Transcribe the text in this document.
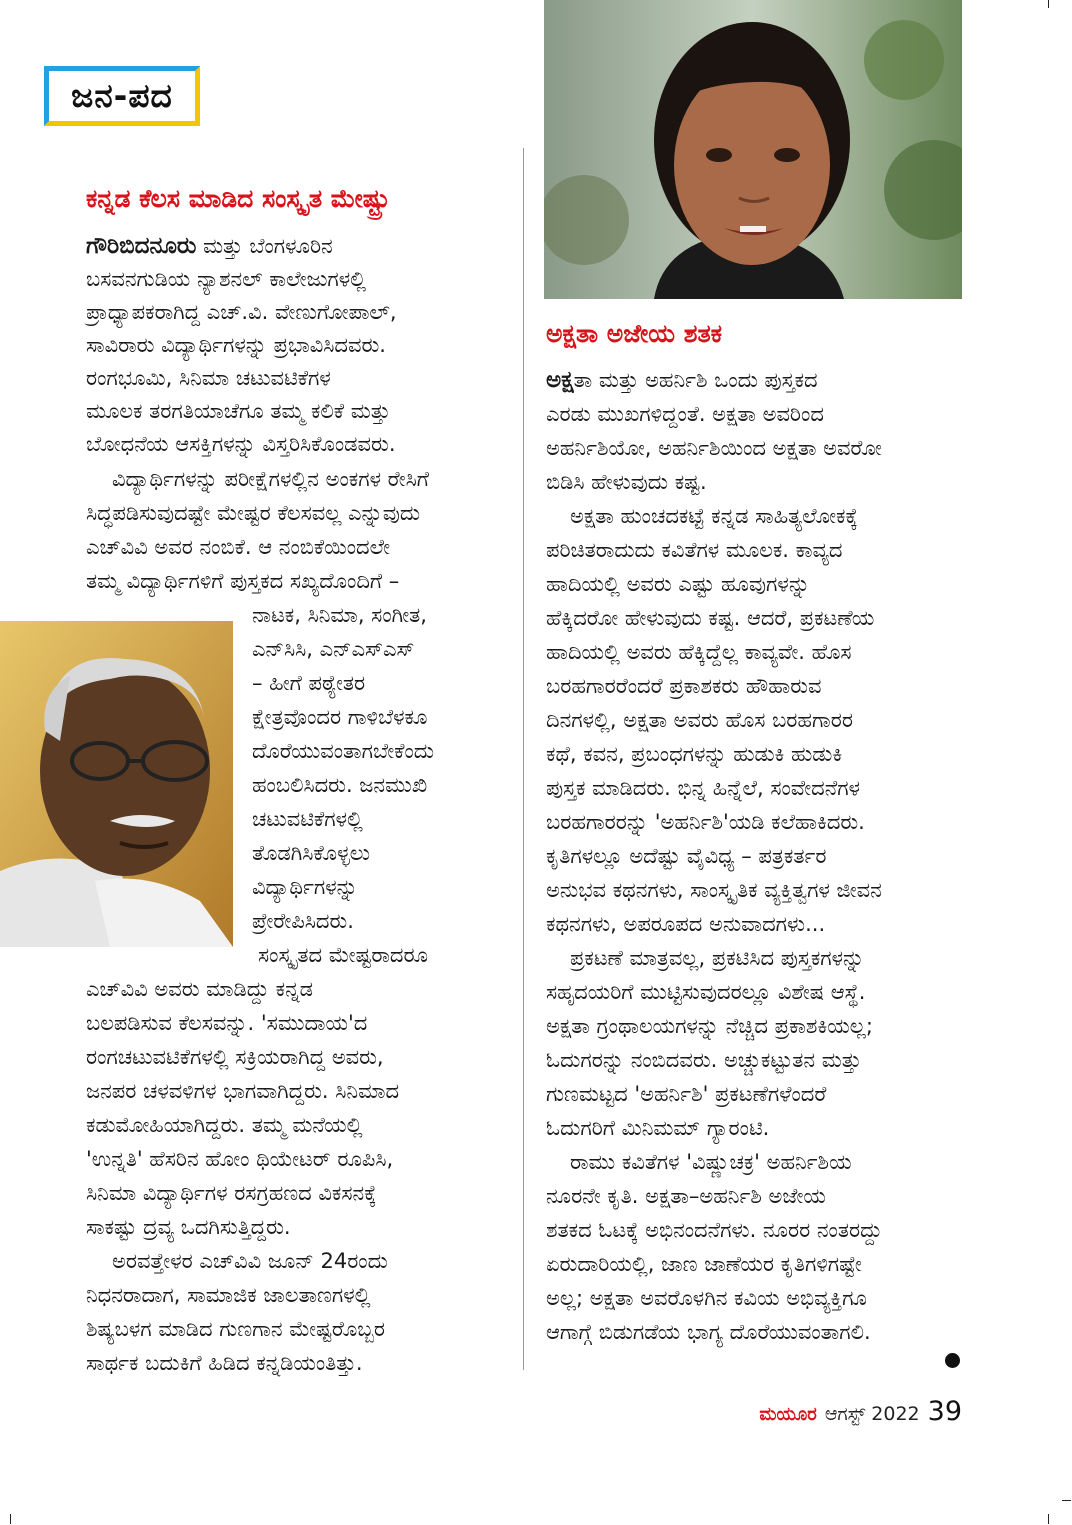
ಜನ-ಪದ
ಕನ್ನಡ ಕೆಲಸ ಮಾಡಿದ ಸಂಸ್ಕೃತ ಮೇಷ್ಟ್ರು

ಗೌರಿಬಿದನೂರು ಮತ್ತು ಬೆಂಗಳೂರಿನ

ಬಸವನಗುಡಿಯ ನ್ಯಾಶನಲ್ ಕಾಲೇಜುಗಳಲ್ಲಿ

ಪ್ರಾಧ್ಯಾಪಕರಾಗಿದ್ದ ಎಚ್.ವಿ. ವೇಣುಗೋಪಾಲ್,

ಸಾವಿರಾರು ವಿದ್ಯಾರ್ಥಿಗಳನ್ನು ಪ್ರಭಾವಿಸಿದವರು.

ರಂಗಭೂಮಿ, ಸಿನಿಮಾ ಚಟುವಟಿಕೆಗಳ

ಮೂಲಕ ತರಗತಿಯಾಚೆಗೂ ತಮ್ಮ ಕಲಿಕೆ ಮತ್ತು

ಬೋಧನೆಯ ಆಸಕ್ತಿಗಳನ್ನು ವಿಸ್ತರಿಸಿಕೊಂಡವರು.

ವಿದ್ಯಾರ್ಥಿಗಳನ್ನು ಪರೀಕ್ಷೆಗಳಲ್ಲಿನ ಅಂಕಗಳ ರೇಸಿಗೆ

ಸಿದ್ಧಪಡಿಸುವುದಷ್ಟೇ ಮೇಷ್ಟರ ಕೆಲಸವಲ್ಲ ಎನ್ನುವುದು

ಎಚ್‌ವಿವಿ ಅವರ ನಂಬಿಕೆ. ಆ ನಂಬಿಕೆಯಿಂದಲೇ

ತಮ್ಮ ವಿದ್ಯಾರ್ಥಿಗಳಿಗೆ ಪುಸ್ತಕದ ಸಖ್ಯದೊಂದಿಗೆ –

ನಾಟಕ, ಸಿನಿಮಾ, ಸಂಗೀತ,

ಎನ್‌ಸಿಸಿ, ಎನ್‌ಎಸ್‌ಎಸ್

– ಹೀಗೆ ಪಠ್ಯೇತರ

ಕ್ಷೇತ್ರವೊಂದರ ಗಾಳಿಬೆಳಕೂ

ದೊರೆಯುವಂತಾಗಬೇಕೆಂದು

ಹಂಬಲಿಸಿದರು. ಜನಮುಖಿ

ಚಟುವಟಿಕೆಗಳಲ್ಲಿ

ತೊಡಗಿಸಿಕೊಳ್ಳಲು

ವಿದ್ಯಾರ್ಥಿಗಳನ್ನು

ಪ್ರೇರೇಪಿಸಿದರು.

ಸಂಸ್ಕೃತದ ಮೇಷ್ಟರಾದರೂ

ಎಚ್‌ವಿವಿ ಅವರು ಮಾಡಿದ್ದು ಕನ್ನಡ

ಬಲಪಡಿಸುವ ಕೆಲಸವನ್ನು. 'ಸಮುದಾಯ'ದ

ರಂಗಚಟುವಟಿಕೆಗಳಲ್ಲಿ ಸಕ್ರಿಯರಾಗಿದ್ದ ಅವರು,

ಜನಪರ ಚಳವಳಿಗಳ ಭಾಗವಾಗಿದ್ದರು. ಸಿನಿಮಾದ

ಕಡುಮೋಹಿಯಾಗಿದ್ದರು. ತಮ್ಮ ಮನೆಯಲ್ಲಿ

'ಉನ್ನತಿ' ಹೆಸರಿನ ಹೋಂ ಥಿಯೇಟರ್ ರೂಪಿಸಿ,

ಸಿನಿಮಾ ವಿದ್ಯಾರ್ಥಿಗಳ ರಸಗ್ರಹಣದ ವಿಕಸನಕ್ಕೆ

ಸಾಕಷ್ಟು ದ್ರವ್ಯ ಒದಗಿಸುತ್ತಿದ್ದರು.

ಅರವತ್ತೇಳರ ಎಚ್‌ವಿವಿ ಜೂನ್ 24ರಂದು

ನಿಧನರಾದಾಗ, ಸಾಮಾಜಿಕ ಜಾಲತಾಣಗಳಲ್ಲಿ

ಶಿಷ್ಯಬಳಗ ಮಾಡಿದ ಗುಣಗಾನ ಮೇಷ್ಟರೊಬ್ಬರ

ಸಾರ್ಥಕ ಬದುಕಿಗೆ ಹಿಡಿದ ಕನ್ನಡಿಯಂತಿತ್ತು.

ಅಕ್ಷತಾ ಅಜೇಯ ಶತಕ

ಅಕ್ಷತಾ ಮತ್ತು ಅಹರ್ನಿಶಿ ಒಂದು ಪುಸ್ತಕದ

ಎರಡು ಮುಖಗಳಿದ್ದಂತೆ. ಅಕ್ಷತಾ ಅವರಿಂದ

ಅಹರ್ನಿಶಿಯೋ, ಅಹರ್ನಿಶಿಯಿಂದ ಅಕ್ಷತಾ ಅವರೋ

ಬಿಡಿಸಿ ಹೇಳುವುದು ಕಷ್ಟ.

ಅಕ್ಷತಾ ಹುಂಚದಕಟ್ಟೆ ಕನ್ನಡ ಸಾಹಿತ್ಯಲೋಕಕ್ಕೆ

ಪರಿಚಿತರಾದುದು ಕವಿತೆಗಳ ಮೂಲಕ. ಕಾವ್ಯದ

ಹಾದಿಯಲ್ಲಿ ಅವರು ಎಷ್ಟು ಹೂವುಗಳನ್ನು

ಹೆಕ್ಕಿದರೋ ಹೇಳುವುದು ಕಷ್ಟ. ಆದರೆ, ಪ್ರಕಟಣೆಯ

ಹಾದಿಯಲ್ಲಿ ಅವರು ಹೆಕ್ಕಿದ್ದೆಲ್ಲ ಕಾವ್ಯವೇ. ಹೊಸ

ಬರಹಗಾರರೆಂದರೆ ಪ್ರಕಾಶಕರು ಹೌಹಾರುವ

ದಿನಗಳಲ್ಲಿ, ಅಕ್ಷತಾ ಅವರು ಹೊಸ ಬರಹಗಾರರ

ಕಥೆ, ಕವನ, ಪ್ರಬಂಧಗಳನ್ನು ಹುಡುಕಿ ಹುಡುಕಿ

ಪುಸ್ತಕ ಮಾಡಿದರು. ಭಿನ್ನ ಹಿನ್ನೆಲೆ, ಸಂವೇದನೆಗಳ

ಬರಹಗಾರರನ್ನು 'ಅಹರ್ನಿಶಿ'ಯಡಿ ಕಲೆಹಾಕಿದರು.

ಕೃತಿಗಳಲ್ಲೂ ಅದೆಷ್ಟು ವೈವಿಧ್ಯ – ಪತ್ರಕರ್ತರ

ಅನುಭವ ಕಥನಗಳು, ಸಾಂಸ್ಕೃತಿಕ ವ್ಯಕ್ತಿತ್ವಗಳ ಜೀವನ

ಕಥನಗಳು, ಅಪರೂಪದ ಅನುವಾದಗಳು...

ಪ್ರಕಟಣೆ ಮಾತ್ರವಲ್ಲ, ಪ್ರಕಟಿಸಿದ ಪುಸ್ತಕಗಳನ್ನು

ಸಹೃದಯರಿಗೆ ಮುಟ್ಟಿಸುವುದರಲ್ಲೂ ವಿಶೇಷ ಆಸ್ಥೆ.

ಅಕ್ಷತಾ ಗ್ರಂಥಾಲಯಗಳನ್ನು ನೆಚ್ಚಿದ ಪ್ರಕಾಶಕಿಯಲ್ಲ;

ಓದುಗರನ್ನು ನಂಬಿದವರು. ಅಚ್ಚುಕಟ್ಟುತನ ಮತ್ತು

ಗುಣಮಟ್ಟದ 'ಅಹರ್ನಿಶಿ' ಪ್ರಕಟಣೆಗಳೆಂದರೆ

ಓದುಗರಿಗೆ ಮಿನಿಮಮ್ ಗ್ಯಾರಂಟಿ.

ರಾಮು ಕವಿತೆಗಳ 'ವಿಷ್ಣುಚಕ್ರ' ಅಹರ್ನಿಶಿಯ

ನೂರನೇ ಕೃತಿ. ಅಕ್ಷತಾ–ಅಹರ್ನಿಶಿ ಅಜೇಯ

ಶತಕದ ಓಟಕ್ಕೆ ಅಭಿನಂದನೆಗಳು. ನೂರರ ನಂತರದ್ದು

ಏರುದಾರಿಯಲ್ಲಿ, ಜಾಣ ಜಾಣೆಯರ ಕೃತಿಗಳಿಗಷ್ಟೇ

ಅಲ್ಲ; ಅಕ್ಷತಾ ಅವರೊಳಗಿನ ಕವಿಯ ಅಭಿವ್ಯಕ್ತಿಗೂ

ಆಗಾಗ್ಗೆ ಬಿಡುಗಡೆಯ ಭಾಗ್ಯ ದೊರೆಯುವಂತಾಗಲಿ.

ಮಯೂರ ಆಗಸ್ಟ್ 2022 39
